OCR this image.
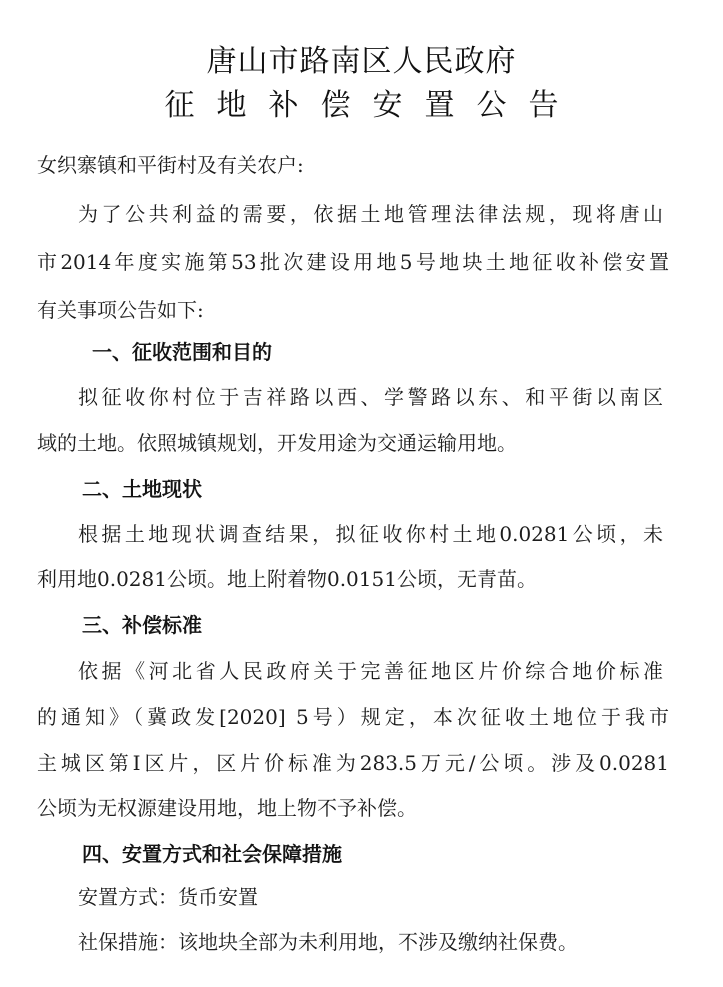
唐山市路南区人民政府
征地补偿安置公告
女织寨镇和平街村及有关农户:
为了公共利益的需要，依据土地管理法律法规，现将唐山
市2014年度实施第53批次建设用地5号地块土地征收补偿安置
有关事项公告如下:
一、征收范围和目的
拟征收你村位于吉祥路以西、学警路以东、和平街以南区
域的土地。依照城镇规划，开发用途为交通运输用地。
二、土地现状
根据土地现状调查结果，拟征收你村土地0.0281公顷，未
利用地0.0281公顷。地上附着物0.0151公顷，无青苗。
三、补偿标准
依据《河北省人民政府关于完善征地区片价综合地价标准
的通知》（冀政发[2020] 5号）规定，本次征收土地位于我市
主城区第Ⅰ区片，区片价标准为283.5万元/公顷。涉及0.0281
公顷为无权源建设用地，地上物不予补偿。
四、安置方式和社会保障措施
安置方式：货币安置
社保措施：该地块全部为未利用地，不涉及缴纳社保费。
